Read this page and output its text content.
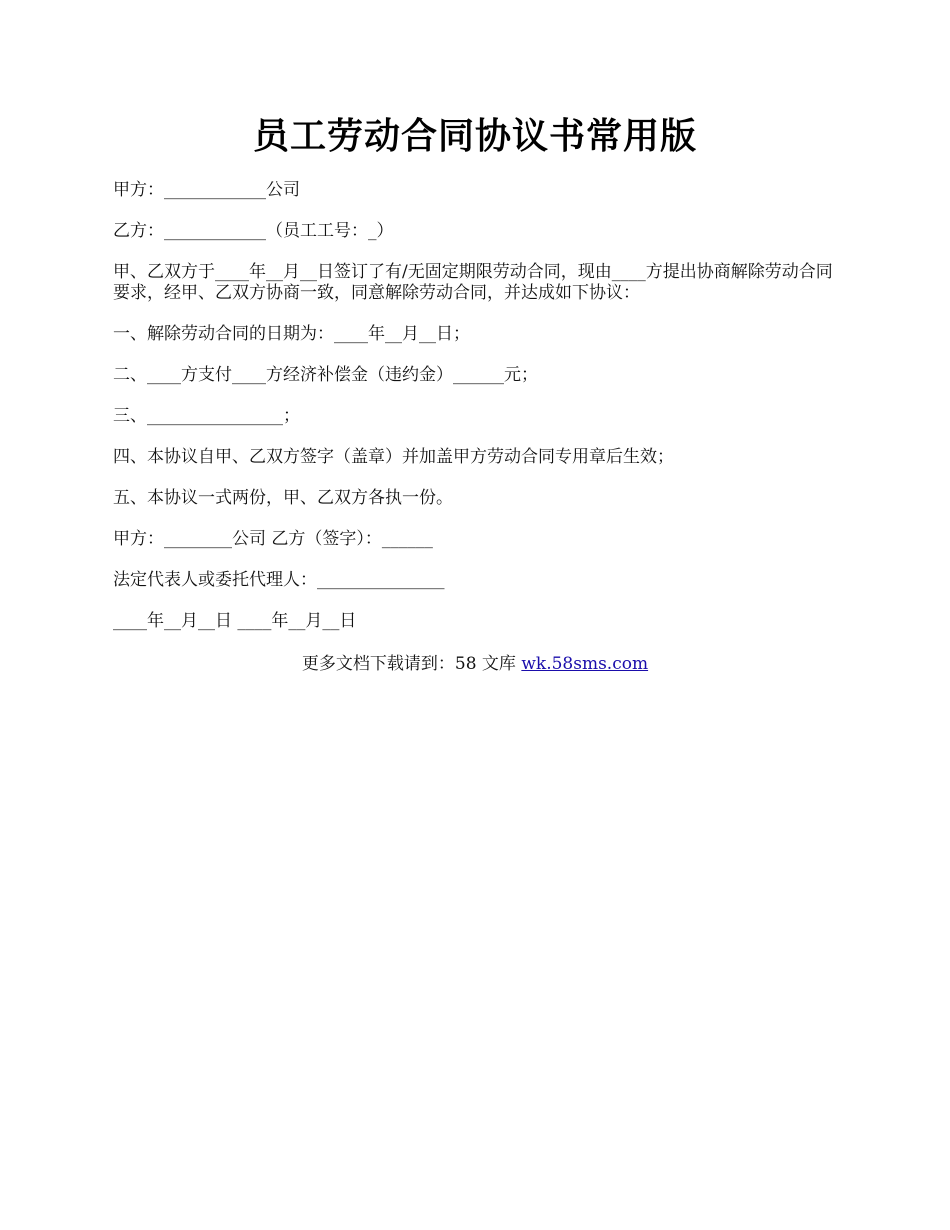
员工劳动合同协议书常用版

甲方：____________公司

乙方：____________（员工工号：_）

甲、乙双方于____年__月__日签订了有/无固定期限劳动合同，现由____方提出协商解除劳动合同要求，经甲、乙双方协商一致，同意解除劳动合同，并达成如下协议：

一、解除劳动合同的日期为：____年__月__日；

二、____方支付____方经济补偿金（违约金）______元；

三、________________；

四、本协议自甲、乙双方签字（盖章）并加盖甲方劳动合同专用章后生效；

五、本协议一式两份，甲、乙双方各执一份。

甲方：________公司 乙方（签字）：______

法定代表人或委托代理人：_______________

____年__月__日 ____年__月__日

更多文档下载请到：58 文库 wk.58sms.com
